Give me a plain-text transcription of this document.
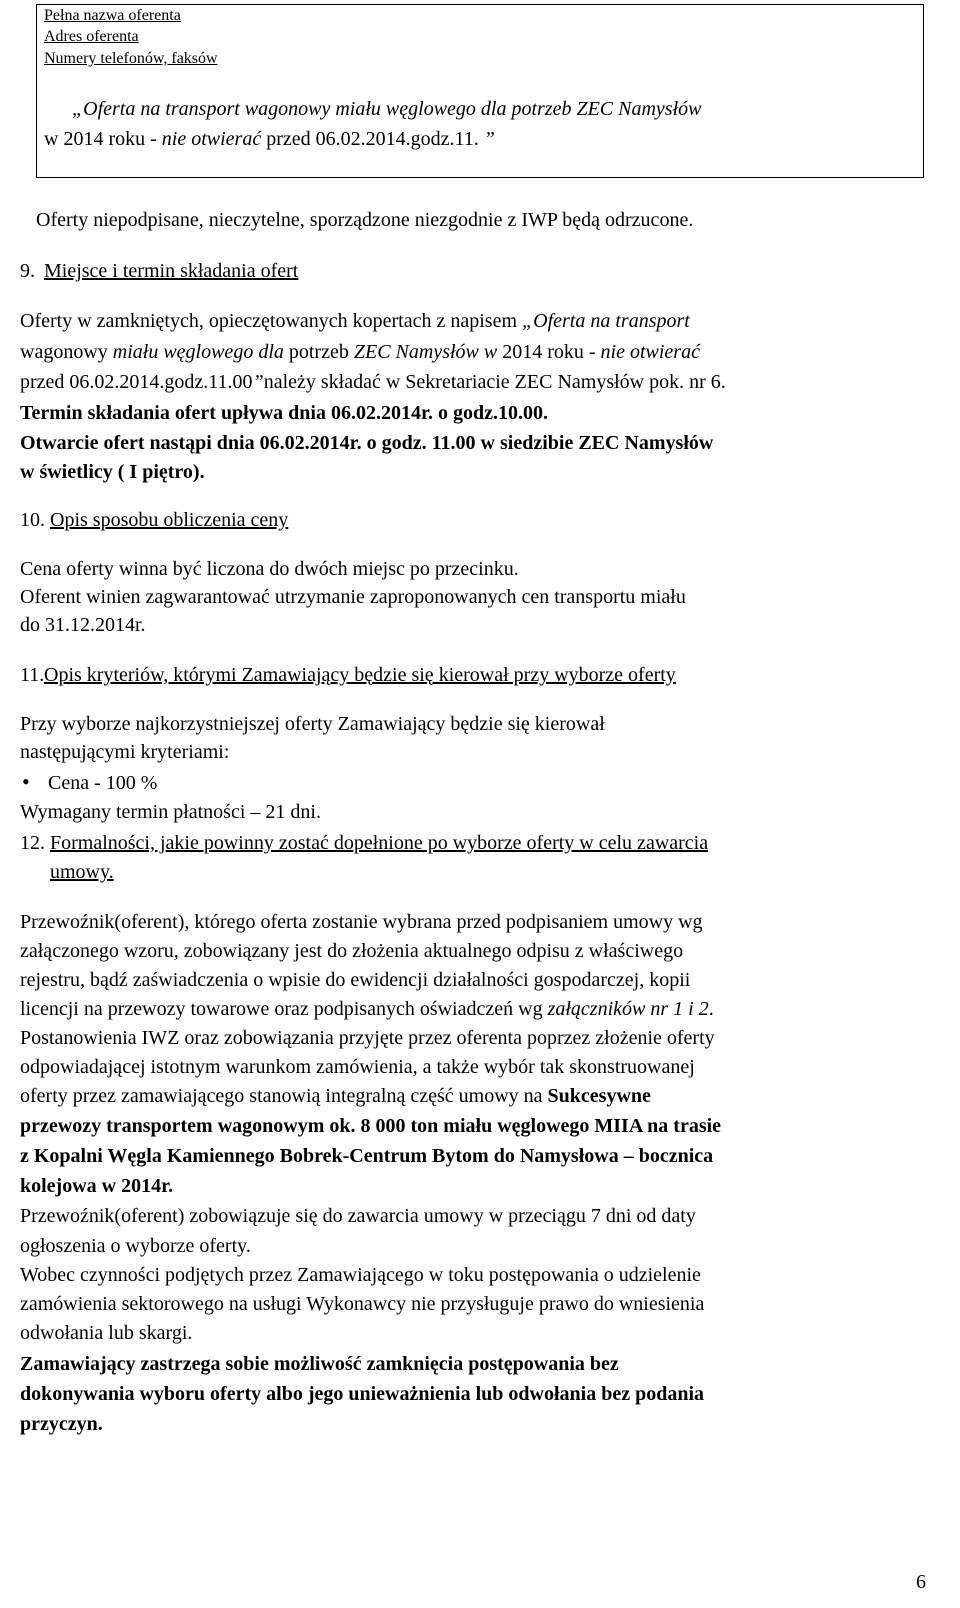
Pełna nazwa oferenta
Adres oferenta
Numery telefonów, faksów
„Oferta na transport wagonowy miału węglowego dla potrzeb ZEC Namysłów
w 2014 roku - nie otwierać przed 06.02.2014.godz.11. ”
Oferty niepodpisane, nieczytelne, sporządzone niezgodnie z IWP będą odrzucone.
9. Miejsce i termin składania ofert
Oferty w zamkniętych, opieczętowanych kopertach z napisem „Oferta na transport
wagonowy miału węglowego dla potrzeb ZEC Namysłów w 2014 roku - nie otwierać
przed 06.02.2014.godz.11.00”należy składać w Sekretariacie ZEC Namysłów pok. nr 6.
Termin składania ofert upływa dnia 06.02.2014r. o godz.10.00.
Otwarcie ofert nastąpi dnia 06.02.2014r. o godz. 11.00 w siedzibie ZEC Namysłów
w świetlicy ( I piętro).
10. Opis sposobu obliczenia ceny
Cena oferty winna być liczona do dwóch miejsc po przecinku.
Oferent winien zagwarantować utrzymanie zaproponowanych cen transportu miału
do 31.12.2014r.
11. Opis kryteriów, którymi Zamawiający będzie się kierował przy wyborze oferty
Przy wyborze najkorzystniejszej oferty Zamawiający będzie się kierował
następującymi kryteriami:
• Cena - 100 %
Wymagany termin płatności – 21 dni.
12. Formalności, jakie powinny zostać dopełnione po wyborze oferty w celu zawarcia
umowy.
Przewoźnik(oferent), którego oferta zostanie wybrana przed podpisaniem umowy wg
załączonego wzoru, zobowiązany jest do złożenia aktualnego odpisu z właściwego
rejestru, bądź zaświadczenia o wpisie do ewidencji działalności gospodarczej, kopii
licencji na przewozy towarowe oraz podpisanych oświadczeń wg załączników nr 1 i 2.
Postanowienia IWZ oraz zobowiązania przyjęte przez oferenta poprzez złożenie oferty
odpowiadającej istotnym warunkom zamówienia, a także wybór tak skonstruowanej
oferty przez zamawiającego stanowią integralną część umowy na Sukcesywne
przewozy transportem wagonowym ok. 8 000 ton miału węglowego MIIA na trasie
z Kopalni Węgla Kamiennego Bobrek-Centrum Bytom do Namysłowa – bocznica
kolejowa w 2014r.
Przewoźnik(oferent) zobowiązuje się do zawarcia umowy w przeciągu 7 dni od daty
ogłoszenia o wyborze oferty.
Wobec czynności podjętych przez Zamawiającego w toku postępowania o udzielenie
zamówienia sektorowego na usługi Wykonawcy nie przysługuje prawo do wniesienia
odwołania lub skargi.
Zamawiający zastrzega sobie możliwość zamknięcia postępowania bez
dokonywania wyboru oferty albo jego unieważnienia lub odwołania bez podania
przyczyn.
6
